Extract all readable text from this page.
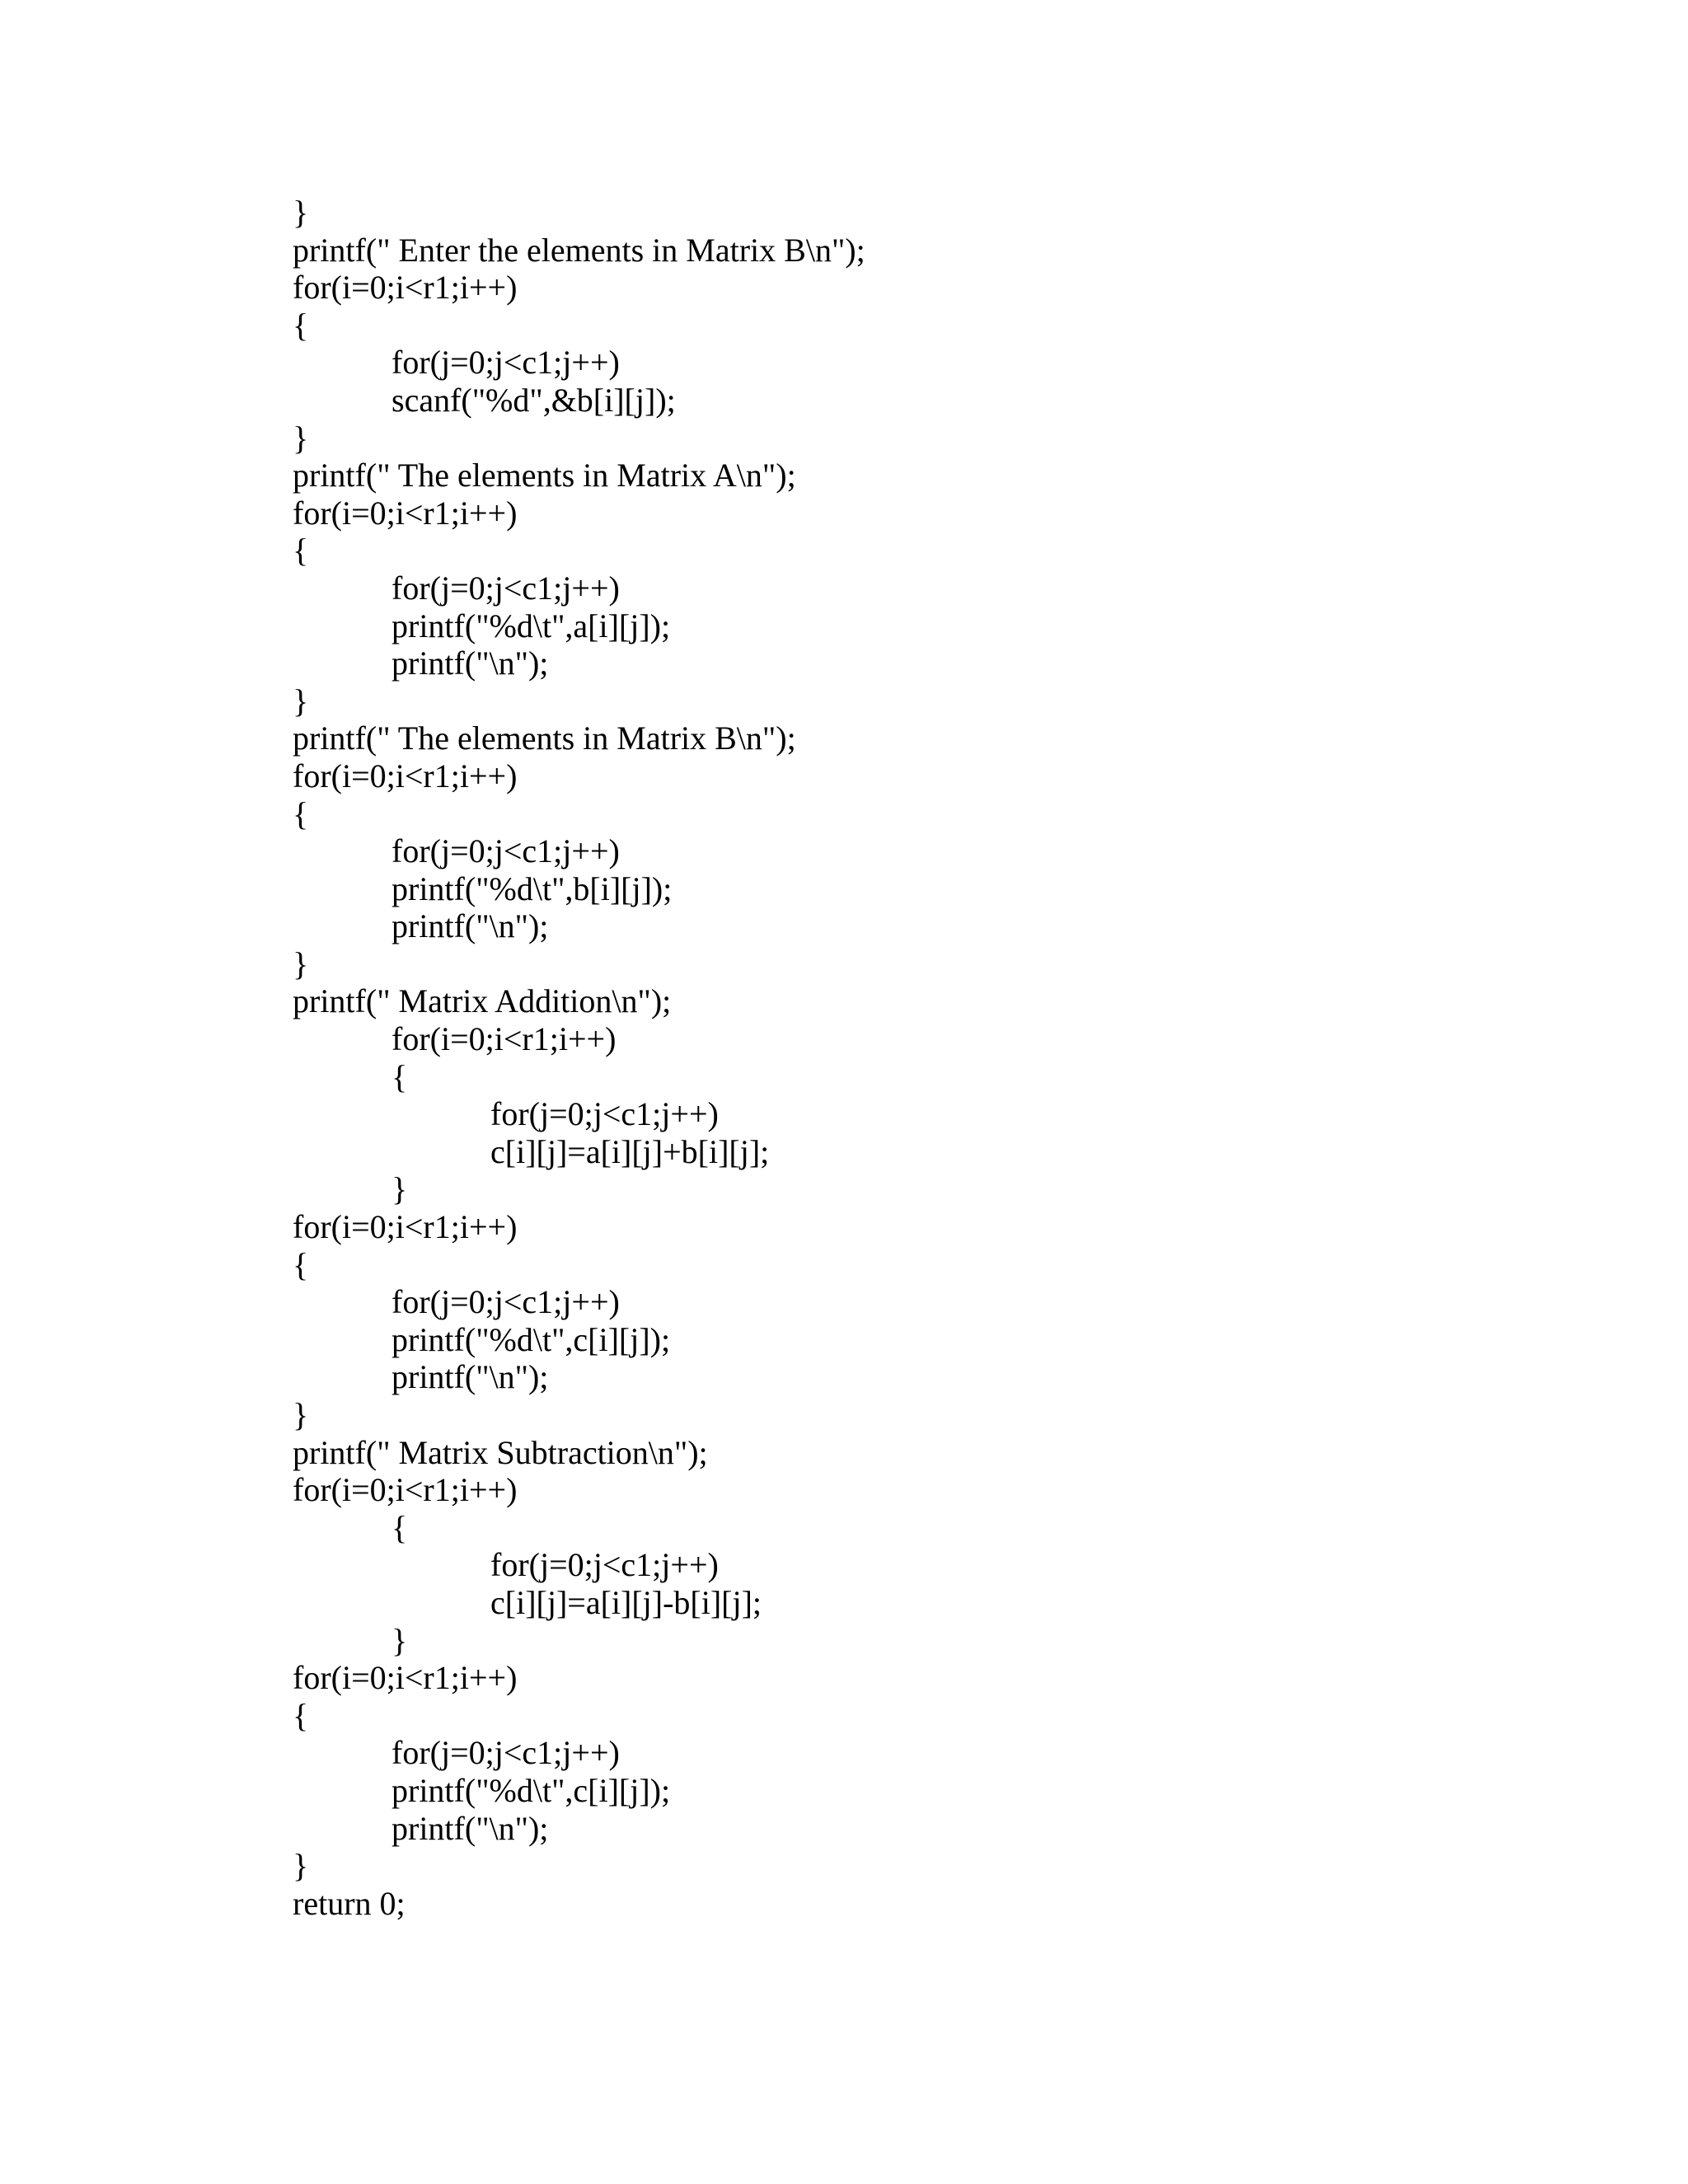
}
printf(" Enter the elements in Matrix B\n");
for(i=0;i<r1;i++)
{
for(j=0;j<c1;j++)
scanf("%d",&b[i][j]);
}
printf(" The elements in Matrix A\n");
for(i=0;i<r1;i++)
{
for(j=0;j<c1;j++)
printf("%d\t",a[i][j]);
printf("\n");
}
printf(" The elements in Matrix B\n");
for(i=0;i<r1;i++)
{
for(j=0;j<c1;j++)
printf("%d\t",b[i][j]);
printf("\n");
}
printf(" Matrix Addition\n");
for(i=0;i<r1;i++)
{
for(j=0;j<c1;j++)
c[i][j]=a[i][j]+b[i][j];
}
for(i=0;i<r1;i++)
{
for(j=0;j<c1;j++)
printf("%d\t",c[i][j]);
printf("\n");
}
printf(" Matrix Subtraction\n");
for(i=0;i<r1;i++)
{
for(j=0;j<c1;j++)
c[i][j]=a[i][j]-b[i][j];
}
for(i=0;i<r1;i++)
{
for(j=0;j<c1;j++)
printf("%d\t",c[i][j]);
printf("\n");
}
return 0;
